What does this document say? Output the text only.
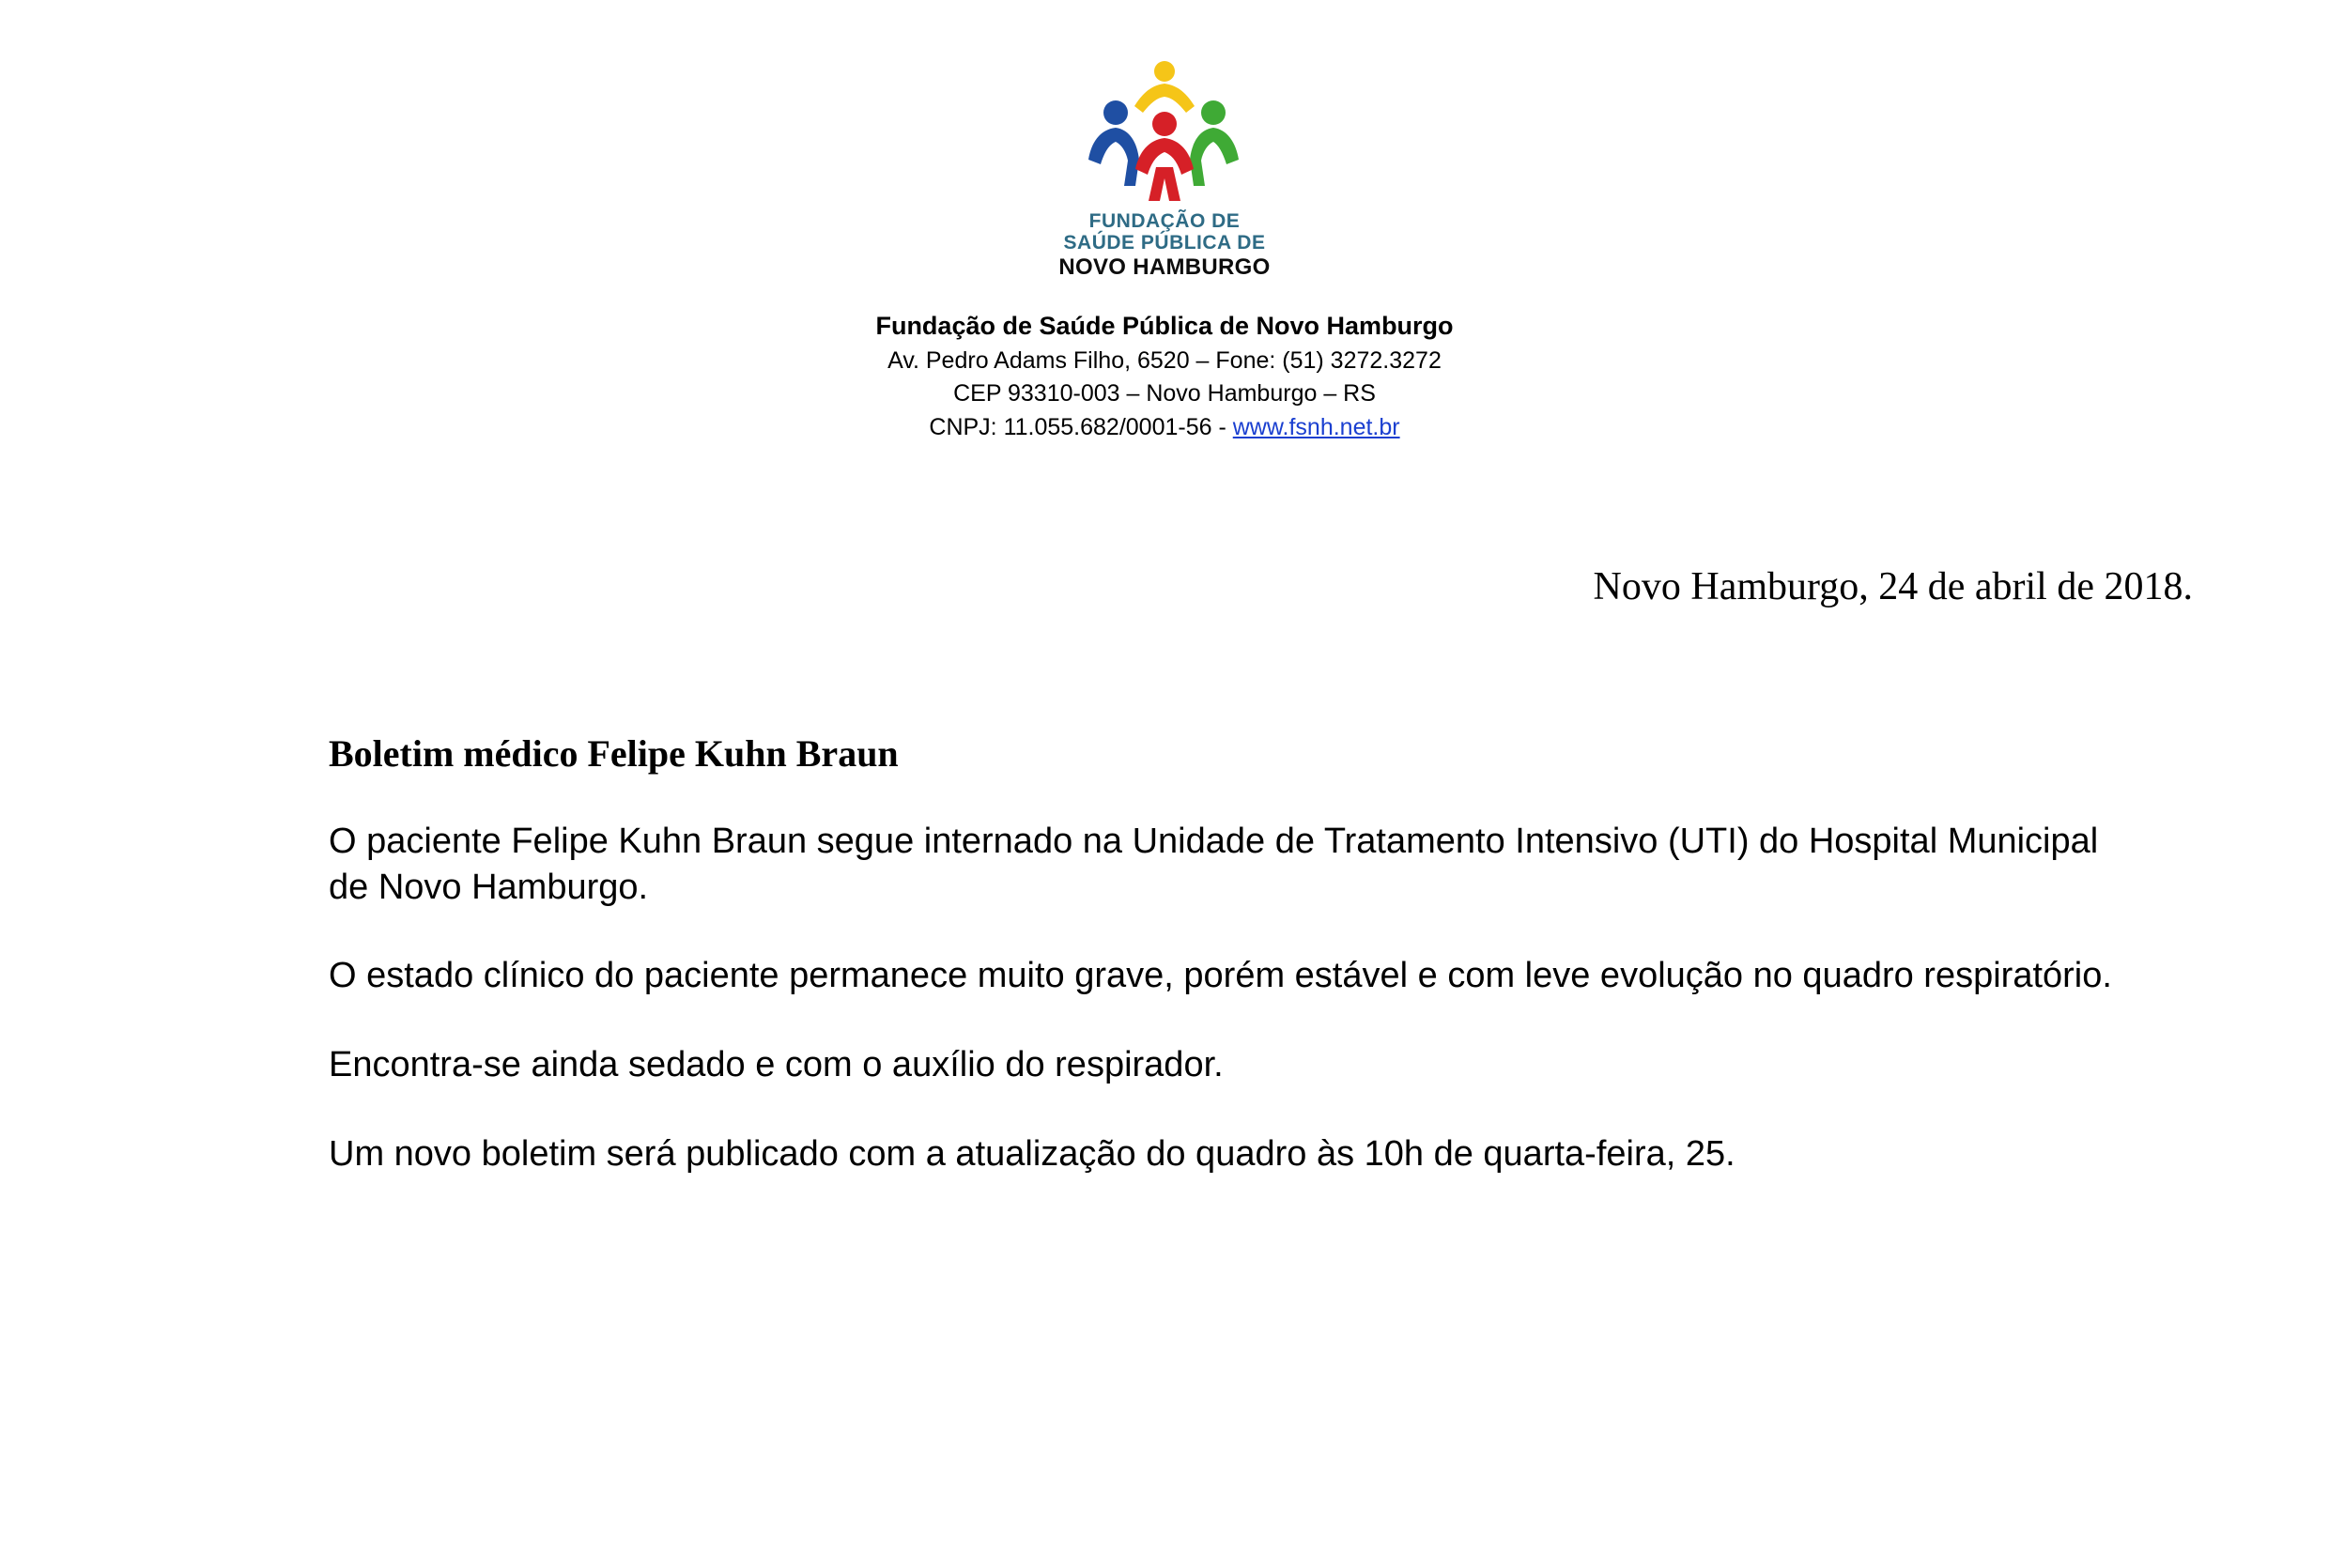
FUNDAÇÃO DE
SAÚDE PÚBLICA DE
NOVO HAMBURGO
Fundação de Saúde Pública de Novo Hamburgo
Av. Pedro Adams Filho, 6520 – Fone: (51) 3272.3272
CEP 93310-003 – Novo Hamburgo – RS
CNPJ: 11.055.682/0001-56 - www.fsnh.net.br
Novo Hamburgo, 24 de abril de 2018.
Boletim médico Felipe Kuhn Braun

O paciente Felipe Kuhn Braun segue internado na Unidade de Tratamento Intensivo (UTI) do Hospital Municipal de Novo Hamburgo.

O estado clínico do paciente permanece muito grave, porém estável e com leve evolução no quadro respiratório.

Encontra-se ainda sedado e com o auxílio do respirador.

Um novo boletim será publicado com a atualização do quadro às 10h de quarta-feira, 25.
